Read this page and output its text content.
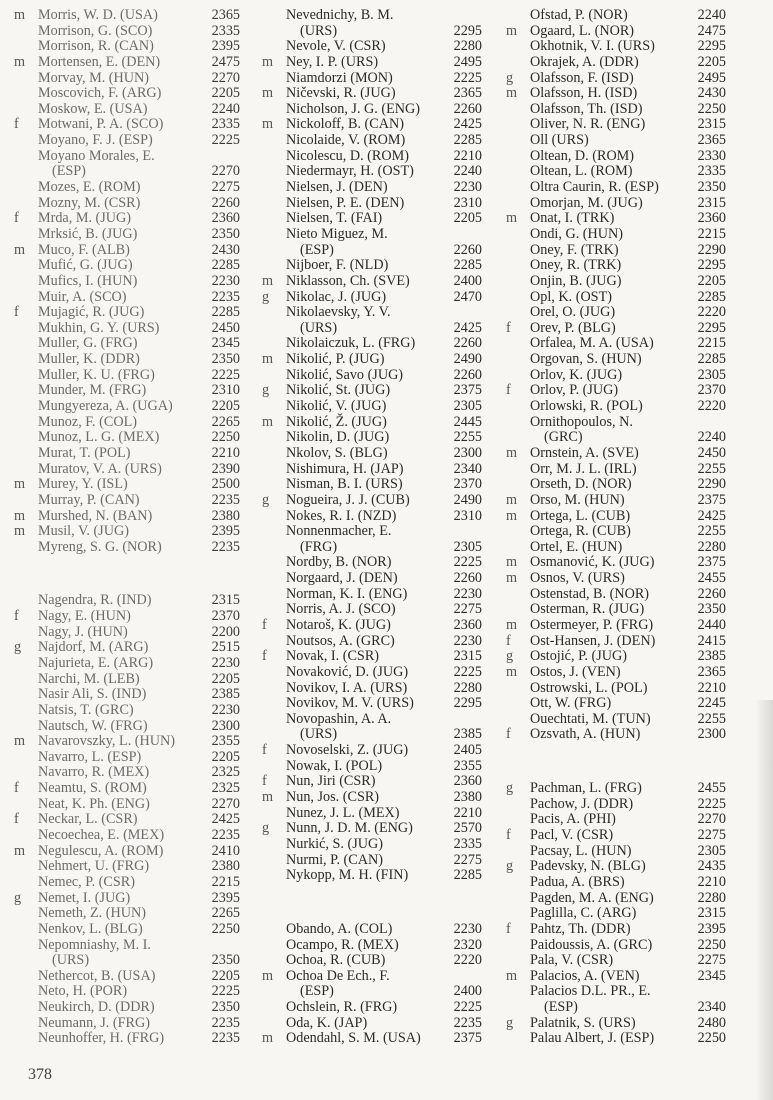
m Morris, W. D. (USA)	2365
Morrison, G. (SCO)	2335
Morrison, R. (CAN)	2395
m Mortensen, E. (DEN)	2475
Morvay, M. (HUN)	2270
Moscovich, F. (ARG)	2205
Moskow, E. (USA)	2240
f	Motwani, P. A. (SCO)	2335
Moyano, F. J. (ESP)	2225
Moyano Morales, E.
(ESP)	2270
Mozes, E. (ROM)	2275
Mozny, M. (CSR)	2260
f	Mrda, M. (JUG)	2360
Mrksić, B. (JUG)	2350
m Muco, F. (ALB)	2430
Mufić, G. (JUG)	2285
Mufics, I. (HUN)	2230
Muir, A. (SCO)	2235
f	Mujagić, R. (JUG)	2285
Mukhin, G. Y. (URS)	2450
Muller, G. (FRG)	2345
Muller, K. (DDR)	2350
Muller, K. U. (FRG)	2225
Munder, M. (FRG)	2310
Mungyereza, A. (UGA)	2205
Munoz, F. (COL)	2265
Munoz, L. G. (MEX)	2250
Murat, T. (POL)	2210
Muratov, V. A. (URS)	2390
m Murey, Y. (ISL)	2500
Murray, P. (CAN)	2235
m Murshed, N. (BAN)	2380
m Musil, V. (JUG)	2395
Myreng, S. G. (NOR)	2235
Nagendra, R. (IND)	2315
f	Nagy, E. (HUN)	2370
Nagy, J. (HUN)	2200
g	Najdorf, M. (ARG)	2515
Najurieta, E. (ARG)	2230
Narchi, M. (LEB)	2205
Nasir Ali, S. (IND)	2385
Natsis, T. (GRC)	2230
Nautsch, W. (FRG)	2300
m Navarovszky, L. (HUN)	2355
Navarro, L. (ESP)	2205
Navarro, R. (MEX)	2325
f	Neamtu, S. (ROM)	2325
Neat, K. Ph. (ENG)	2270
f	Neckar, L. (CSR)	2425
Necoechea, E. (MEX)	2235
m Negulescu, A. (ROM)	2410
Nehmert, U. (FRG)	2380
Nemec, P. (CSR)	2215
g	Nemet, I. (JUG)	2395
Nemeth, Z. (HUN)	2265
Nenkov, L. (BLG)	2250
Nepomniashy, M. I.
(URS)	2350
Nethercot, B. (USA)	2205
Neto, H. (POR)	2225
Neukirch, D. (DDR)	2350
Neumann, J. (FRG)	2235
Neunhoffer, H. (FRG)	2235
Nevednichy, B. M.
(URS)	2295
Nevole, V. (CSR)	2280
m Ney, I. P. (URS)	2495
Niamdorzi (MON)	2225
m Ničevski, R. (JUG)	2365
Nicholson, J. G. (ENG) 2260
m Nickoloff, B. (CAN)	2425
Nicolaide, V. (ROM)	2285
Nicolescu, D. (ROM)	2210
Niedermayr, H. (OST)	2240
Nielsen, J. (DEN)	2230
Nielsen, P. E. (DEN)	2310
Nielsen, T. (FAI)	2205
Nieto Miguez, M.
(ESP)	2260
Nijboer, F. (NLD)	2285
m Niklasson, Ch. (SVE)	2400
g	Nikolac, J. (JUG)	2470
Nikolaevsky, Y. V.
(URS)	2425
Nikolaiczuk, L. (FRG)	2260
m Nikolić, P. (JUG)	2490
Nikolić, Savo (JUG)	2260
g	Nikolić, St. (JUG)	2375
Nikolić, V. (JUG)	2305
m Nikolić, Ž. (JUG)	2445
Nikolin, D. (JUG)	2255
Nkolov, S. (BLG)	2300
Nishimura, H. (JAP)	2340
Nisman, B. I. (URS)	2370
g	Nogueira, J. J. (CUB)	2490
Nokes, R. I. (NZD)	2310
Nonnenmacher, E.
(FRG)	2305
Nordby, B. (NOR)	2225
Norgaard, J. (DEN)	2260
Norman, K. I. (ENG)	2230
Norris, A. J. (SCO)	2275
f	Notaroš, K. (JUG)	2360
Noutsos, A. (GRC)	2230
f	Novak, I. (CSR)	2315
Novaković, D. (JUG)	2225
Novikov, I. A. (URS)	2280
Novikov, M. V. (URS)	2295
Novopashin, A. A.
(URS)	2385
f	Novoselski, Z. (JUG)	2405
Nowak, I. (POL)	2355
f	Nun, Jiri (CSR)	2360
m Nun, Jos. (CSR)	2380
Nunez, J. L. (MEX)	2210
g	Nunn, J. D. M. (ENG)	2570
Nurkić, S. (JUG)	2335
Nurmi, P. (CAN)	2275
Nykopp, M. H. (FIN)	2285
Obando, A. (COL)	2230
Ocampo, R. (MEX)	2320
Ochoa, R. (CUB)	2220
m Ochoa De Ech., F.
(ESP)	2400
Ochslein, R. (FRG)	2225
Oda, K. (JAP)	2235
m Odendahl, S. M. (USA) 2375
Ofstad, P. (NOR)	2240
m Ogaard, L. (NOR)	2475
Okhotnik, V. I. (URS)	2295
Okrajek, A. (DDR)	2205
g	Olafsson, F. (ISD)	2495
m Olafsson, H. (ISD)	2430
Olafsson, Th. (ISD)	2250
Oliver, N. R. (ENG)	2315
Oll (URS)	2365
Oltean, D. (ROM)	2330
Oltean, L. (ROM)	2335
Oltra Caurin, R. (ESP)	2350
Omorjan, M. (JUG)	2315
m Onat, I. (TRK)	2360
Ondi, G. (HUN)	2215
Oney, F. (TRK)	2290
Oney, R. (TRK)	2295
Onjin, B. (JUG)	2205
Opl, K. (OST)	2285
Orel, O. (JUG)	2220
f	Orev, P. (BLG)	2295
Orfalea, M. A. (USA)	2215
Orgovan, S. (HUN)	2285
Orlov, K. (JUG)	2305
f	Orlov, P. (JUG)	2370
Orlowski, R. (POL)	2220
Ornithopoulos, N.
(GRC)	2240
m Ornstein, A. (SVE)	2450
Orr, M. J. L. (IRL)	2255
Orseth, D. (NOR)	2290
m Orso, M. (HUN)	2375
m Ortega, L. (CUB)	2425
Ortega, R. (CUB)	2255
Ortel, E. (HUN)	2280
m Osmanović, K. (JUG)	2375
m Osnos, V. (URS)	2455
Ostenstad, B. (NOR)	2260
Osterman, R. (JUG)	2350
m Ostermeyer, P. (FRG)	2440
f	Ost-Hansen, J. (DEN)	2415
g	Ostojić, P. (JUG)	2385
m Ostos, J. (VEN)	2365
Ostrowski, L. (POL)	2210
Ott, W. (FRG)	2245
Ouechtati, M. (TUN)	2255
f	Ozsvath, A. (HUN)	2300
g	Pachman, L. (FRG)	2455
Pachow, J. (DDR)	2225
Pacis, A. (PHI)	2270
f	Pacl, V. (CSR)	2275
Pacsay, L. (HUN)	2305
g	Padevsky, N. (BLG)	2435
Padua, A. (BRS)	2210
Pagden, M. A. (ENG)	2280
Paglilla, C. (ARG)	2315
f	Pahtz, Th. (DDR)	2395
Paidoussis, A. (GRC)	2250
Pala, V. (CSR)	2275
m Palacios, A. (VEN)	2345
Palacios D.L. PR., E.
(ESP)	2340
g	Palatnik, S. (URS)	2480
Palau Albert, J. (ESP)	2250
378
